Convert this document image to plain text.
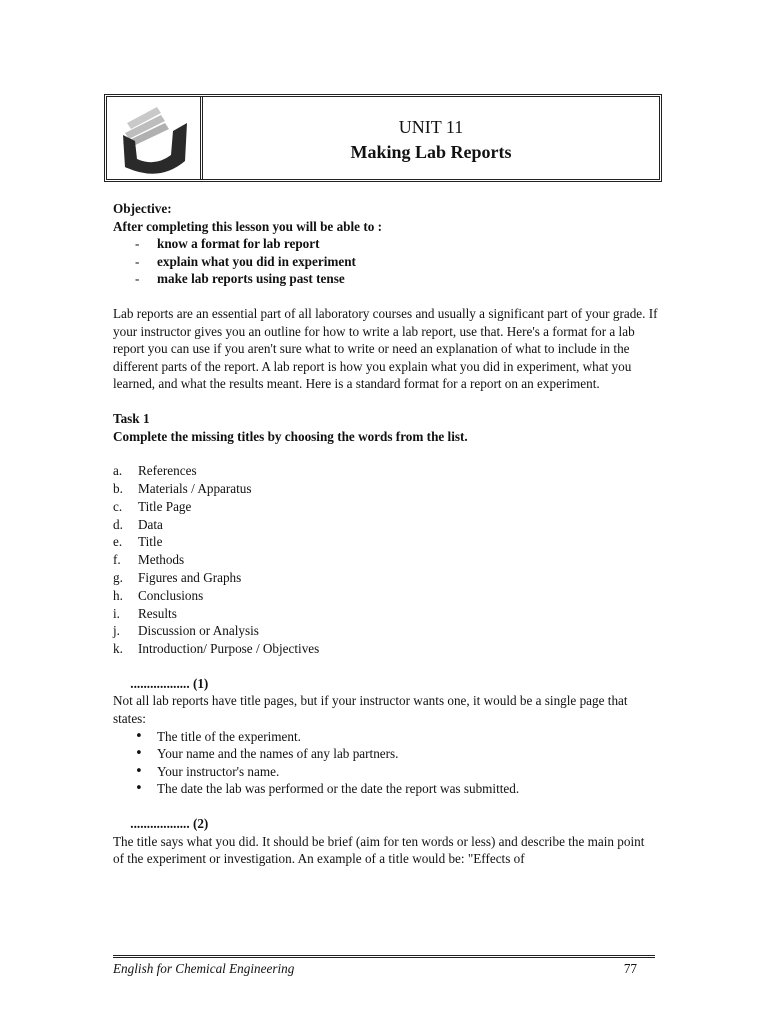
UNIT 11

Making Lab Reports

Objective:

After completing this lesson you will be able to :

- know a format for lab report
- explain what you did in experiment
- make lab reports using past tense

Lab reports are an essential part of all laboratory courses and usually a significant part of your grade. If your instructor gives you an outline for how to write a lab report, use that. Here's a format for a lab report you can use if you aren't sure what to write or need an explanation of what to include in the different parts of the report. A lab report is how you explain what you did in experiment, what you learned, and what the results meant. Here is a standard format for a report on an experiment.

Task 1

Complete the missing titles by choosing the words from the list.

a. References
b. Materials / Apparatus
c. Title Page
d. Data
e. Title
f. Methods
g. Figures and Graphs
h. Conclusions
i. Results
j. Discussion or Analysis
k. Introduction/ Purpose / Objectives

.................. (1)

Not all lab reports have title pages, but if your instructor wants one, it would be a single page that states:

• The title of the experiment.
• Your name and the names of any lab partners.
• Your instructor's name.
• The date the lab was performed or the date the report was submitted.

.................. (2)

The title says what you did. It should be brief (aim for ten words or less) and describe the main point of the experiment or investigation. An example of a title would be: "Effects of

English for Chemical Engineering	77
